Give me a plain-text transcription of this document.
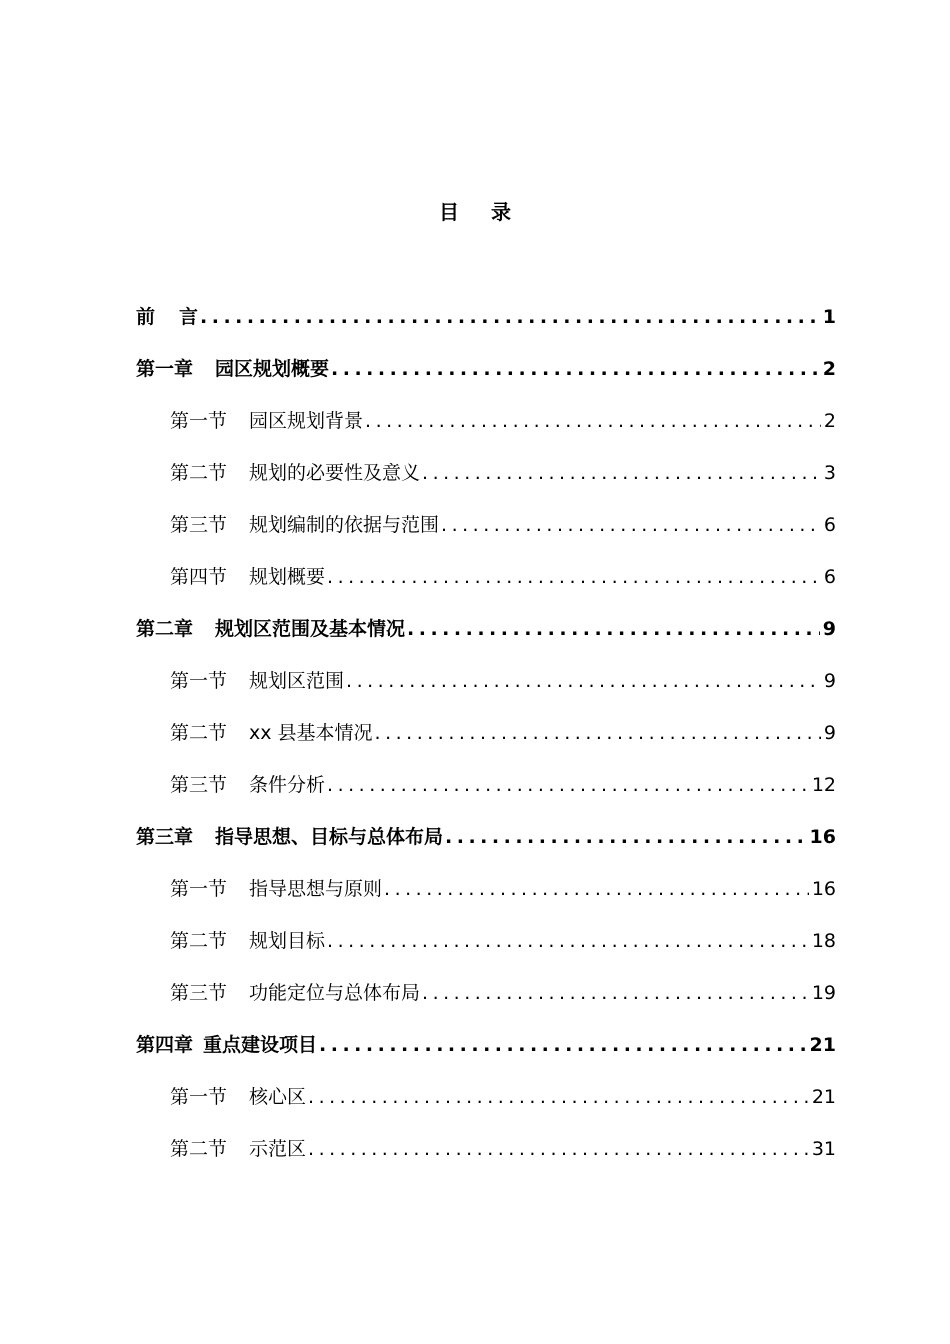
目录
前 言 .....	1
第一章 园区规划概要 .....	2
第一节 园区规划背景 .....	2
第二节 规划的必要性及意义 .....	3
第三节 规划编制的依据与范围 .....	6
第四节 规划概要 .....	6
第二章 规划区范围及基本情况 .....	9
第一节 规划区范围 .....	9
第二节 xx 县基本情况 .....	9
第三节 条件分析 .....	12
第三章 指导思想、目标与总体布局 .....	16
第一节 指导思想与原则 .....	16
第二节 规划目标 .....	18
第三节 功能定位与总体布局 .....	19
第四章 重点建设项目 .....	21
第一节 核心区 .....	21
第二节 示范区 .....	31
